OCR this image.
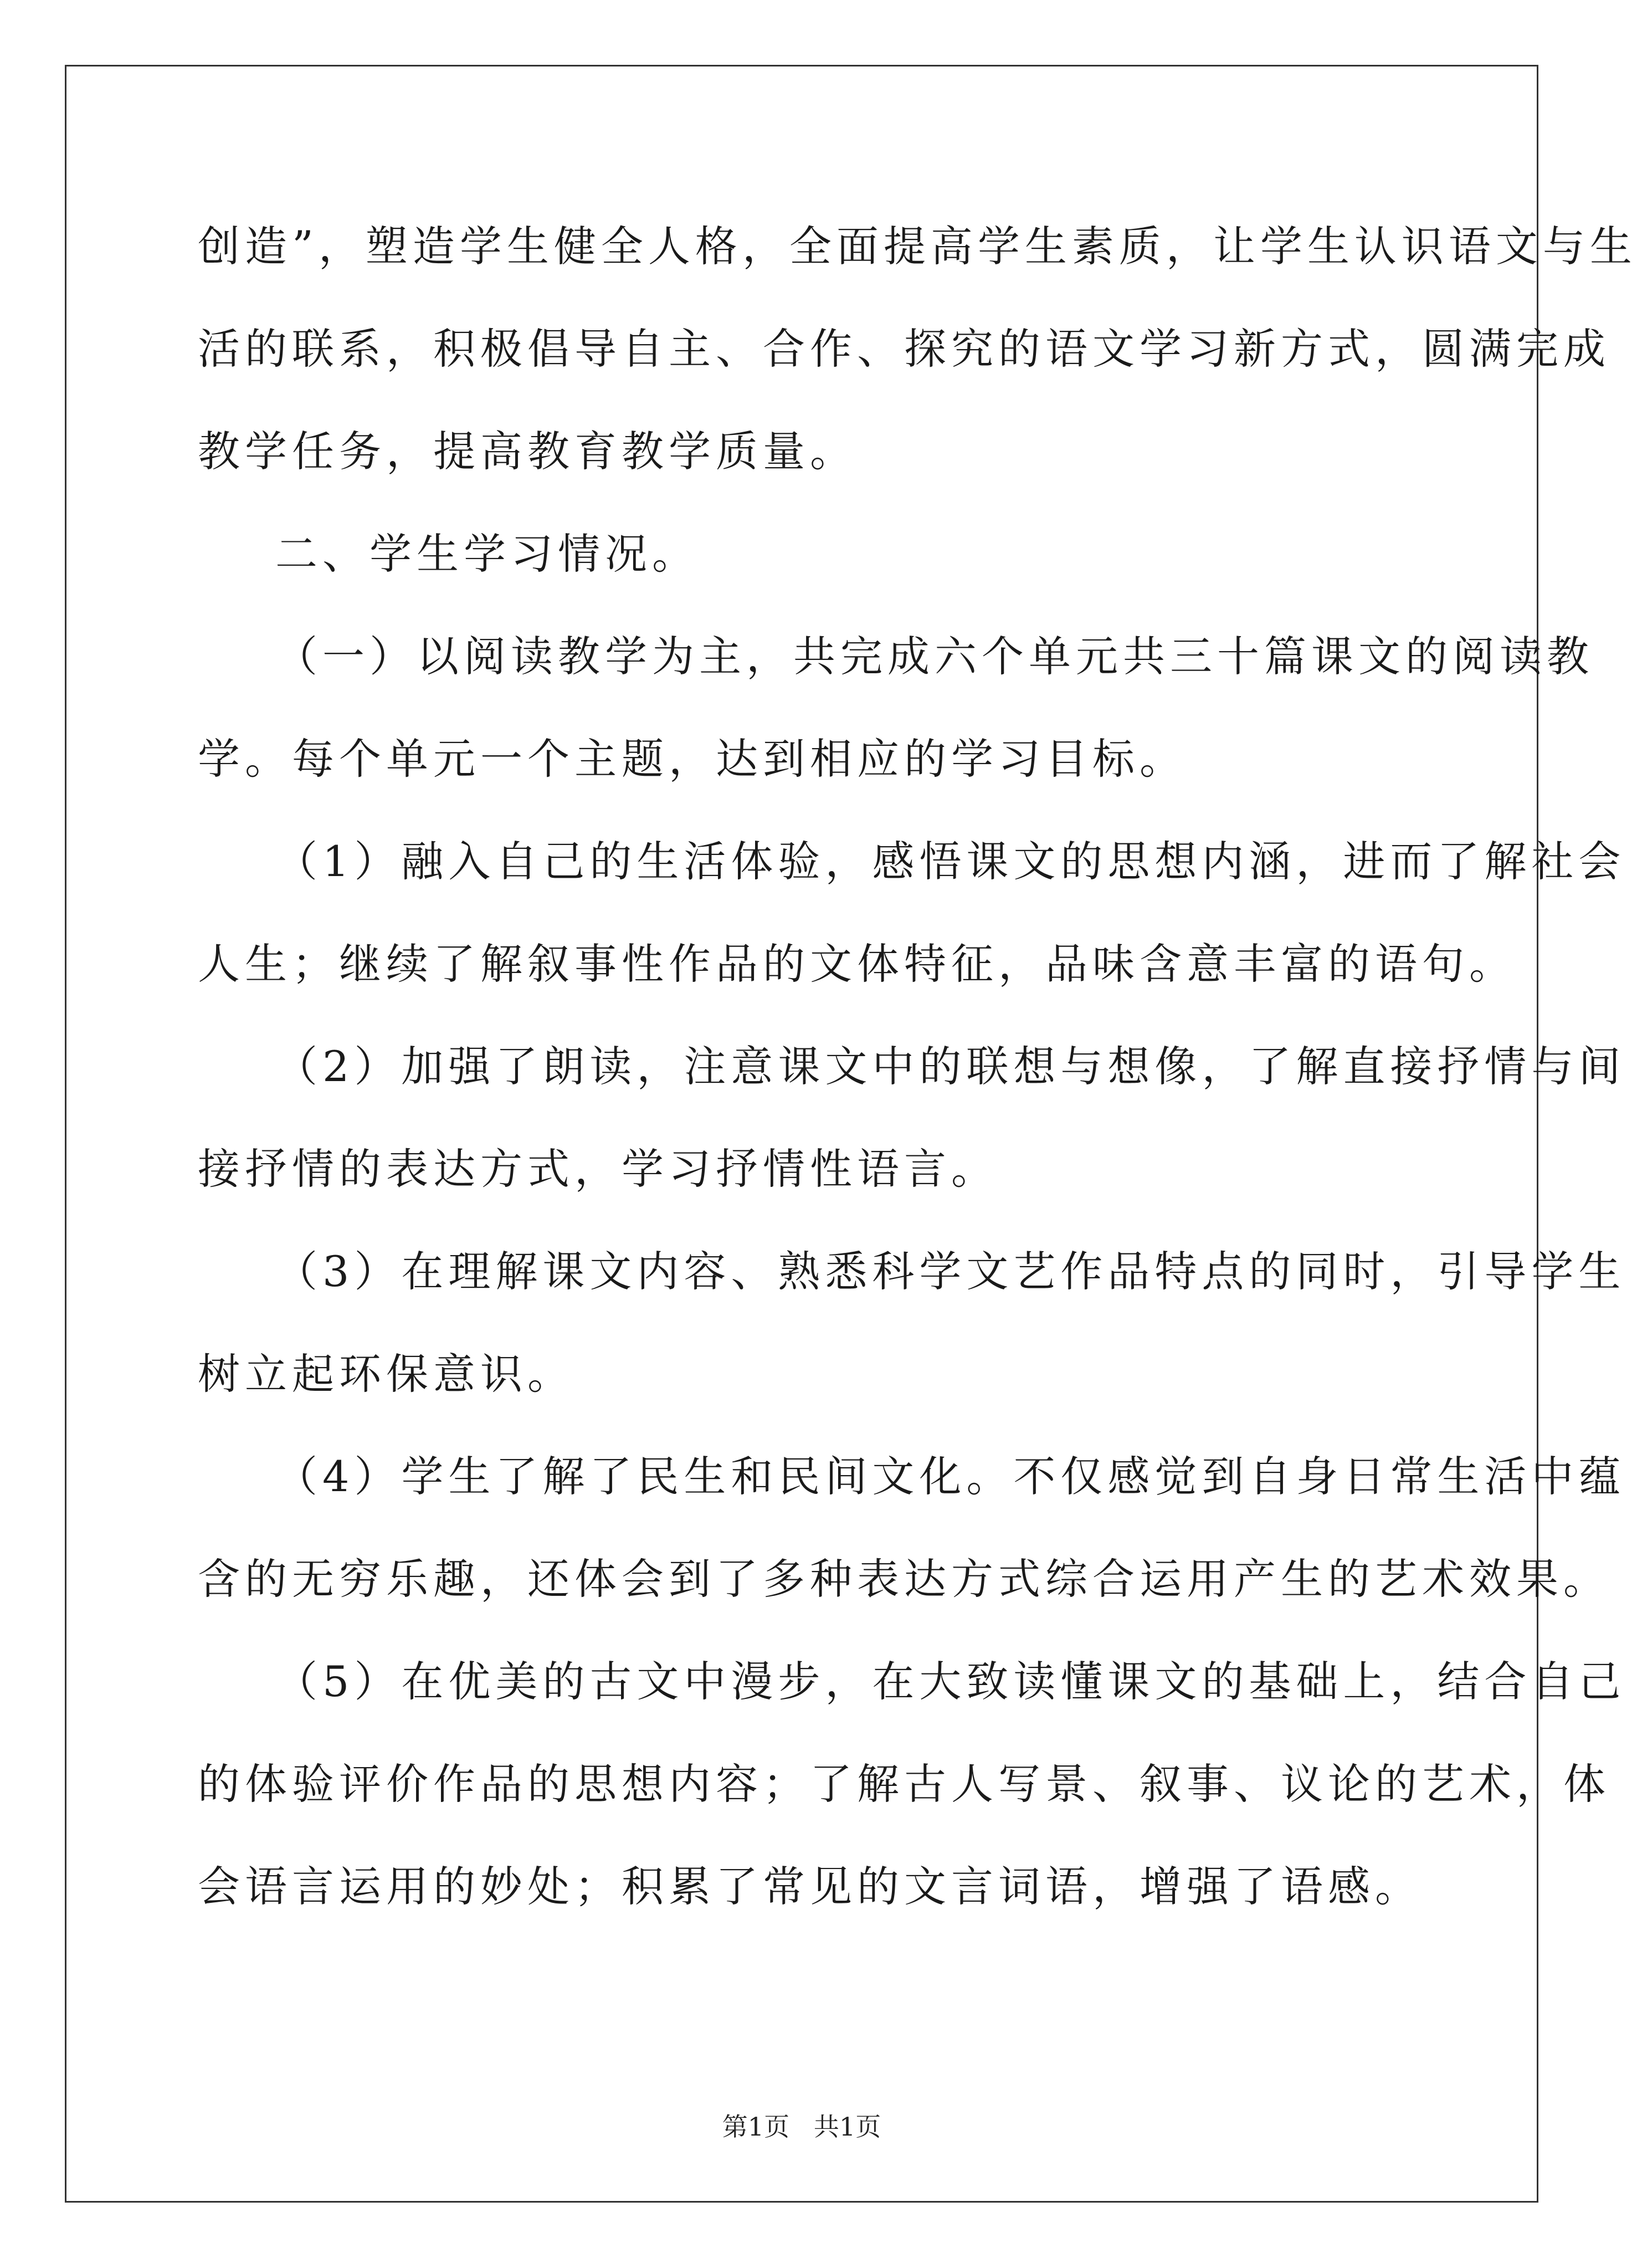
创造”，塑造学生健全人格，全面提高学生素质，让学生认识语文与生
活的联系，积极倡导自主、合作、探究的语文学习新方式，圆满完成
教学任务，提高教育教学质量。
二、学生学习情况。
（一）以阅读教学为主，共完成六个单元共三十篇课文的阅读教
学。每个单元一个主题，达到相应的学习目标。
（1）融入自己的生活体验，感悟课文的思想内涵，进而了解社会
人生；继续了解叙事性作品的文体特征，品味含意丰富的语句。
（2）加强了朗读，注意课文中的联想与想像，了解直接抒情与间
接抒情的表达方式，学习抒情性语言。
（3）在理解课文内容、熟悉科学文艺作品特点的同时，引导学生
树立起环保意识。
（4）学生了解了民生和民间文化。不仅感觉到自身日常生活中蕴
含的无穷乐趣，还体会到了多种表达方式综合运用产生的艺术效果。
（5）在优美的古文中漫步，在大致读懂课文的基础上，结合自己
的体验评价作品的思想内容；了解古人写景、叙事、议论的艺术，体
会语言运用的妙处；积累了常见的文言词语，增强了语感。
第1页   共1页
